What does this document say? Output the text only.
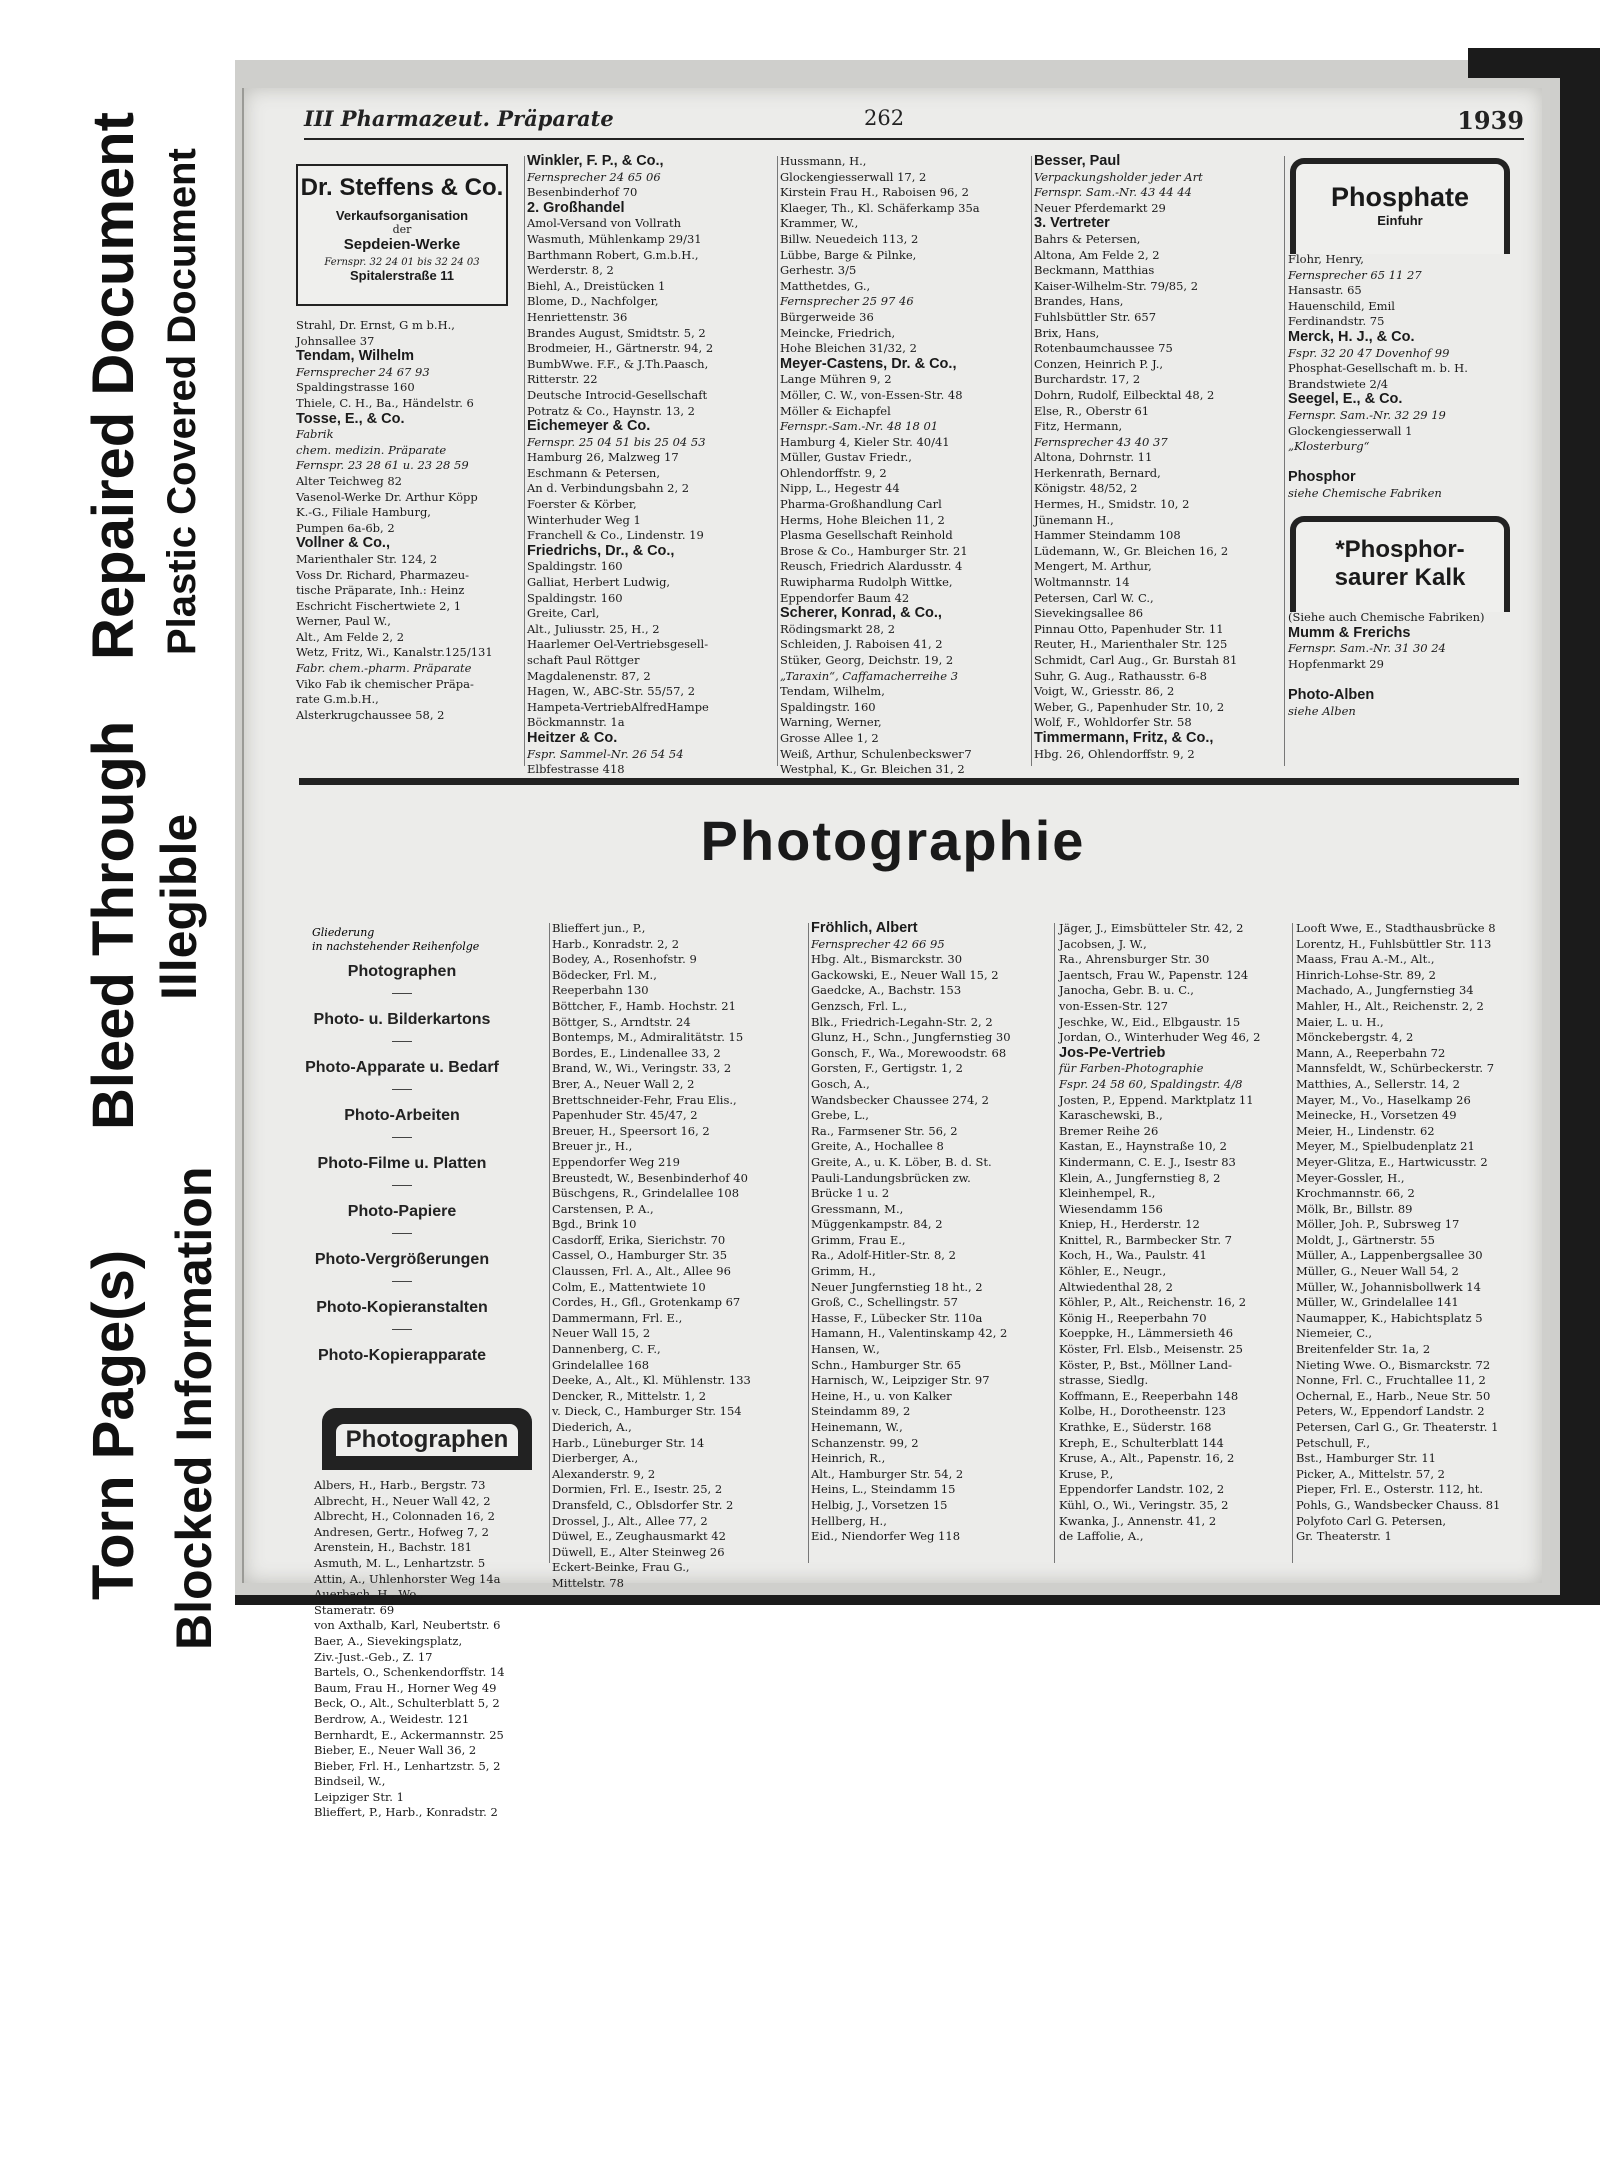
Repaired Document
Bleed Through
Plastic Covered Document
Illegible
Torn Page(s) Blocked Information
III Pharmazeut. Präparate	262	1939
Dr. Steffens & Co.
Verkaufsorganisation
der
Sepdeien-Werke
Fernspr. 32 24 01 bis 32 24 03
Spitalerstraße 11
Strahl, Dr. Ernst, G m b.H.,
Johnsallee 37
Tendam, Wilhelm
Fernsprecher 24 67 93
Spaldingstrasse 160
Thiele, C. H., Ba., Händelstr. 6
Tosse, E., & Co.
Fabrik
chem. medizin. Präparate
Fernspr. 23 28 61 u. 23 28 59
Alter Teichweg 82
Vasenol-Werke Dr. Arthur Köpp
K.-G., Filiale Hamburg,
Pumpen 6a-6b, 2
Vollner & Co.,
Marienthaler Str. 124, 2
Voss Dr. Richard, Pharmazeu-
tische Präparate, Inh.: Heinz
Eschricht Fischertwiete 2, 1
Werner, Paul W.,
Alt., Am Felde 2, 2
Wetz, Fritz, Wi., Kanalstr.125/131
Fabr. chem.-pharm. Präparate
Viko Fab ik chemischer Präpa-
rate G.m.b.H.,
Alsterkrugchaussee 58, 2
Winkler, F. P., & Co.,
Fernsprecher 24 65 06
Besenbinderhof 70
2. Großhandel
Amol-Versand von Vollrath
Wasmuth, Mühlenkamp 29/31
Barthmann Robert, G.m.b.H.,
Werderstr. 8, 2
Biehl, A., Dreistücken 1
Blome, D., Nachfolger,
Henriettenstr. 36
Brandes August, Smidtstr. 5, 2
Brodmeier, H., Gärtnerstr. 94, 2
BumbWwe. F.F., & J.Th.Paasch,
Ritterstr. 22
Deutsche Introcid-Gesellschaft
Potratz & Co., Haynstr. 13, 2
Eichemeyer & Co.
Fernspr. 25 04 51 bis 25 04 53
Hamburg 26, Malzweg 17
Eschmann & Petersen,
An d. Verbindungsbahn 2, 2
Foerster & Körber,
Winterhuder Weg 1
Franchell & Co., Lindenstr. 19
Friedrichs, Dr., & Co.,
Spaldingstr. 160
Galliat, Herbert Ludwig,
Spaldingstr. 160
Greite, Carl,
Alt., Juliusstr. 25, H., 2
Haarlemer Oel-Vertriebsgesell-
schaft Paul Röttger
Magdalenenstr. 87, 2
Hagen, W., ABC-Str. 55/57, 2
Hampeta-VertriebAlfredHampe
Böckmannstr. 1a
Heitzer & Co.
Fspr. Sammel-Nr. 26 54 54
Elbfestrasse 418
Hussmann, H.,
Glockengiesserwall 17, 2
Kirstein Frau H., Raboisen 96, 2
Klaeger, Th., Kl. Schäferkamp 35a
Krammer, W.,
Billw. Neuedeich 113, 2
Lübbe, Barge & Pilnke,
Gerhestr. 3/5
Matthetdes, G.,
Fernsprecher 25 97 46
Bürgerweide 36
Meincke, Friedrich,
Hohe Bleichen 31/32, 2
Meyer-Castens, Dr. & Co.,
Lange Mühren 9, 2
Möller, C. W., von-Essen-Str. 48
Möller & Eichapfel
Fernspr.-Sam.-Nr. 48 18 01
Hamburg 4, Kieler Str. 40/41
Müller, Gustav Friedr.,
Ohlendorffstr. 9, 2
Nipp, L., Hegestr 44
Pharma-Großhandlung Carl
Herms, Hohe Bleichen 11, 2
Plasma Gesellschaft Reinhold
Brose & Co., Hamburger Str. 21
Reusch, Friedrich Alardusstr. 4
Ruwipharma Rudolph Wittke,
Eppendorfer Baum 42
Scherer, Konrad, & Co.,
Rödingsmarkt 28, 2
Schleiden, J. Raboisen 41, 2
Stüker, Georg, Deichstr. 19, 2
„Taraxin“, Caffamacherreihe 3
Tendam, Wilhelm,
Spaldingstr. 160
Warning, Werner,
Grosse Allee 1, 2
Weiß, Arthur, Schulenbeckswег7
Westphal, K., Gr. Bleichen 31, 2
Besser, Paul
Verpackungsholder jeder Art
Fernspr. Sam.-Nr. 43 44 44
Neuer Pferdemarkt 29
3. Vertreter
Bahrs & Petersen,
Altona, Am Felde 2, 2
Beckmann, Matthias
Kaiser-Wilhelm-Str. 79/85, 2
Brandes, Hans,
Fuhlsbüttler Str. 657
Brix, Hans,
Rotenbaumchaussee 75
Conzen, Heinrich P. J.,
Burchardstr. 17, 2
Dohrn, Rudolf, Eilbecktal 48, 2
Else, R., Oberstr 61
Fitz, Hermann,
Fernsprecher 43 40 37
Altona, Dohrnstr. 11
Herkenrath, Bernard,
Königstr. 48/52, 2
Hermes, H., Smidstr. 10, 2
Jünemann H.,
Hammer Steindamm 108
Lüdemann, W., Gr. Bleichen 16, 2
Mengert, M. Arthur,
Woltmannstr. 14
Petersen, Carl W. C.,
Sievekingsallee 86
Pinnau Otto, Papenhuder Str. 11
Reuter, H., Marienthaler Str. 125
Schmidt, Carl Aug., Gr. Burstah 81
Suhr, G. Aug., Rathausstr. 6-8
Voigt, W., Griesstr. 86, 2
Weber, G., Papenhuder Str. 10, 2
Wolf, F., Wohldorfer Str. 58
Timmermann, Fritz, & Co.,
Hbg. 26, Ohlendorffstr. 9, 2
Phosphate
Einfuhr
Flohr, Henry,
Fernsprecher 65 11 27
Hansastr. 65
Hauenschild, Emil
Ferdinandstr. 75
Merck, H. J., & Co.
Fspr. 32 20 47 Dovenhof 99
Phosphat-Gesellschaft m. b. H.
Brandstwiete 2/4
Seegel, E., & Co.
Fernspr. Sam.-Nr. 32 29 19
Glockengiesserwall 1
„Klosterburg“

Phosphor
siehe Chemische Fabriken
*Phosphor-
saurer Kalk
(Siehe auch Chemische Fabriken)
Mumm & Frerichs
Fernspr. Sam.-Nr. 31 30 24
Hopfenmarkt 29

Photo-Alben
siehe Alben
Photographie
Gliederung
in nachstehender Reihenfolge
Photographen
Photo- u. Bilderkartons
Photo-Apparate u. Bedarf
Photo-Arbeiten
Photo-Filme u. Platten
Photo-Papiere
Photo-Vergrößerungen
Photo-Kopieranstalten
Photo-Kopierapparate
Photographen
Albers, H., Harb., Bergstr. 73
Albrecht, H., Neuer Wall 42, 2
Albrecht, H., Colonnaden 16, 2
Andresen, Gertr., Hofweg 7, 2
Arenstein, H., Bachstr. 181
Asmuth, M. L., Lenhartzstr. 5
Attin, A., Uhlenhorster Weg 14a
Auerbach, H., Wo.,
Stameratr. 69
von Axthalb, Karl, Neubertstr. 6
Baer, A., Sievekingsplatz,
Ziv.-Just.-Geb., Z. 17
Bartels, O., Schenkendorffstr. 14
Baum, Frau H., Horner Weg 49
Beck, O., Alt., Schulterblatt 5, 2
Berdrow, A., Weidestr. 121
Bernhardt, E., Ackermannstr. 25
Bieber, E., Neuer Wall 36, 2
Bieber, Frl. H., Lenhartzstr. 5, 2
Bindseil, W.,
Leipziger Str. 1
Blieffert, P., Harb., Konradstr. 2
Blieffert jun., P.,
Harb., Konradstr. 2, 2
Bodey, A., Rosenhofstr. 9
Bödecker, Frl. M.,
Reeperbahn 130
Böttcher, F., Hamb. Hochstr. 21
Böttger, S., Arndtstr. 24
Bontemps, M., Admiralitätstr. 15
Bordes, E., Lindenallee 33, 2
Brand, W., Wi., Veringstr. 33, 2
Brer, A., Neuer Wall 2, 2
Brettschneider-Fehr, Frau Elis.,
Papenhuder Str. 45/47, 2
Breuer, H., Speersort 16, 2
Breuer jr., H.,
Eppendorfer Weg 219
Breustedt, W., Besenbinderhof 40
Büschgens, R., Grindelallee 108
Carstensen, P. A.,
Bgd., Brink 10
Casdorff, Erika, Sierichstr. 70
Cassel, O., Hamburger Str. 35
Claussen, Frl. A., Alt., Allee 96
Colm, E., Mattentwiete 10
Cordes, H., Gfl., Grotenkamp 67
Dammermann, Frl. E.,
Neuer Wall 15, 2
Dannenberg, C. F.,
Grindelallee 168
Deeke, A., Alt., Kl. Mühlenstr. 133
Dencker, R., Mittelstr. 1, 2
v. Dieck, C., Hamburger Str. 154
Diederich, A.,
Harb., Lüneburger Str. 14
Dierberger, A.,
Alexanderstr. 9, 2
Dormien, Frl. E., Isestr. 25, 2
Dransfeld, C., Oblsdorfer Str. 2
Drossel, J., Alt., Allee 77, 2
Düwel, E., Zeughausmarkt 42
Düwell, E., Alter Steinweg 26
Eckert-Beinke, Frau G.,
Mittelstr. 78
Fröhlich, Albert
Fernsprecher 42 66 95
Hbg. Alt., Bismarckstr. 30
Gackowski, E., Neuer Wall 15, 2
Gaedcke, A., Bachstr. 153
Genzsch, Frl. L.,
Blk., Friedrich-Legahn-Str. 2, 2
Glunz, H., Schn., Jungfernstieg 30
Gonsch, F., Wa., Morewoodstr. 68
Gorsten, F., Gertigstr. 1, 2
Gosch, A.,
Wandsbecker Chaussee 274, 2
Grebe, L.,
Ra., Farmsener Str. 56, 2
Greite, A., Hochallee 8
Greite, A., u. K. Löber, B. d. St.
Pauli-Landungsbrücken zw.
Brücke 1 u. 2
Gressmann, M.,
Müggenkampstr. 84, 2
Grimm, Frau E.,
Ra., Adolf-Hitler-Str. 8, 2
Grimm, H.,
Neuer Jungfernstieg 18 ht., 2
Groß, C., Schellingstr. 57
Hasse, F., Lübecker Str. 110a
Hamann, H., Valentinskamp 42, 2
Hansen, W.,
Schn., Hamburger Str. 65
Harnisch, W., Leipziger Str. 97
Heine, H., u. von Kalker
Steindamm 89, 2
Heinemann, W.,
Schanzenstr. 99, 2
Heinrich, R.,
Alt., Hamburger Str. 54, 2
Heins, L., Steindamm 15
Helbig, J., Vorsetzen 15
Hellberg, H.,
Eid., Niendorfer Weg 118
Jäger, J., Eimsbütteler Str. 42, 2
Jacobsen, J. W.,
Ra., Ahrensburger Str. 30
Jaentsch, Frau W., Papenstr. 124
Janocha, Gebr. B. u. C.,
von-Essen-Str. 127
Jeschke, W., Eid., Elbgaustr. 15
Jordan, O., Winterhuder Weg 46, 2
Jos-Pe-Vertrieb
für Farben-Photographie
Fspr. 24 58 60, Spaldingstr. 4/8
Josten, P., Eppend. Marktplatz 11
Karaschewski, B.,
Bremer Reihe 26
Kastan, E., Haynstraße 10, 2
Kindermann, C. E. J., Isestr 83
Klein, A., Jungfernstieg 8, 2
Kleinhempel, R.,
Wiesendamm 156
Kniep, H., Herderstr. 12
Knittel, R., Barmbecker Str. 7
Koch, H., Wa., Paulstr. 41
Köhler, E., Neugr.,
Altwiedenthal 28, 2
Köhler, P., Alt., Reichenstr. 16, 2
König H., Reeperbahn 70
Koeppke, H., Lämmersieth 46
Köster, Frl. Elsb., Meisenstr. 25
Köster, P., Bst., Möllner Land-
strasse, Siedlg.
Koffmann, E., Reeperbahn 148
Kolbe, H., Dorotheenstr. 123
Krathke, E., Süderstr. 168
Kreph, E., Schulterblatt 144
Kruse, A., Alt., Papenstr. 16, 2
Kruse, P.,
Eppendorfer Landstr. 102, 2
Kühl, O., Wi., Veringstr. 35, 2
Kwanka, J., Annenstr. 41, 2
de Laffolie, A.,
Looft Wwe, E., Stadthausbrücke 8
Lorentz, H., Fuhlsbüttler Str. 113
Maass, Frau A.-M., Alt.,
Hinrich-Lohse-Str. 89, 2
Machado, A., Jungfernstieg 34
Mahler, H., Alt., Reichenstr. 2, 2
Maier, L. u. H.,
Mönckebergstr. 4, 2
Mann, A., Reeperbahn 72
Mannsfeldt, W., Schürbeckerstr. 7
Matthies, A., Sellerstr. 14, 2
Mayer, M., Vo., Haselkamp 26
Meinecke, H., Vorsetzen 49
Meier, H., Lindenstr. 62
Meyer, M., Spielbudenplatz 21
Meyer-Glitza, E., Hartwicusstr. 2
Meyer-Gossler, H.,
Krochmannstr. 66, 2
Mölk, Br., Billstr. 89
Möller, Joh. P., Subrsweg 17
Moldt, J., Gärtnerstr. 55
Müller, A., Lappenbergsallee 30
Müller, G., Neuer Wall 54, 2
Müller, W., Johannisbollwerk 14
Müller, W., Grindelallee 141
Naumapper, K., Habichtsplatz 5
Niemeier, C.,
Breitenfelder Str. 1a, 2
Nieting Wwe. O., Bismarckstr. 72
Nonne, Frl. C., Fruchtallee 11, 2
Ochernal, E., Harb., Neue Str. 50
Peters, W., Eppendorf Landstr. 2
Petersen, Carl G., Gr. Theaterstr. 1
Petschull, F.,
Bst., Hamburger Str. 11
Picker, A., Mittelstr. 57, 2
Pieper, Frl. E., Osterstr. 112, ht.
Pohls, G., Wandsbecker Chauss. 81
Polyfoto Carl G. Petersen,
Gr. Theaterstr. 1
